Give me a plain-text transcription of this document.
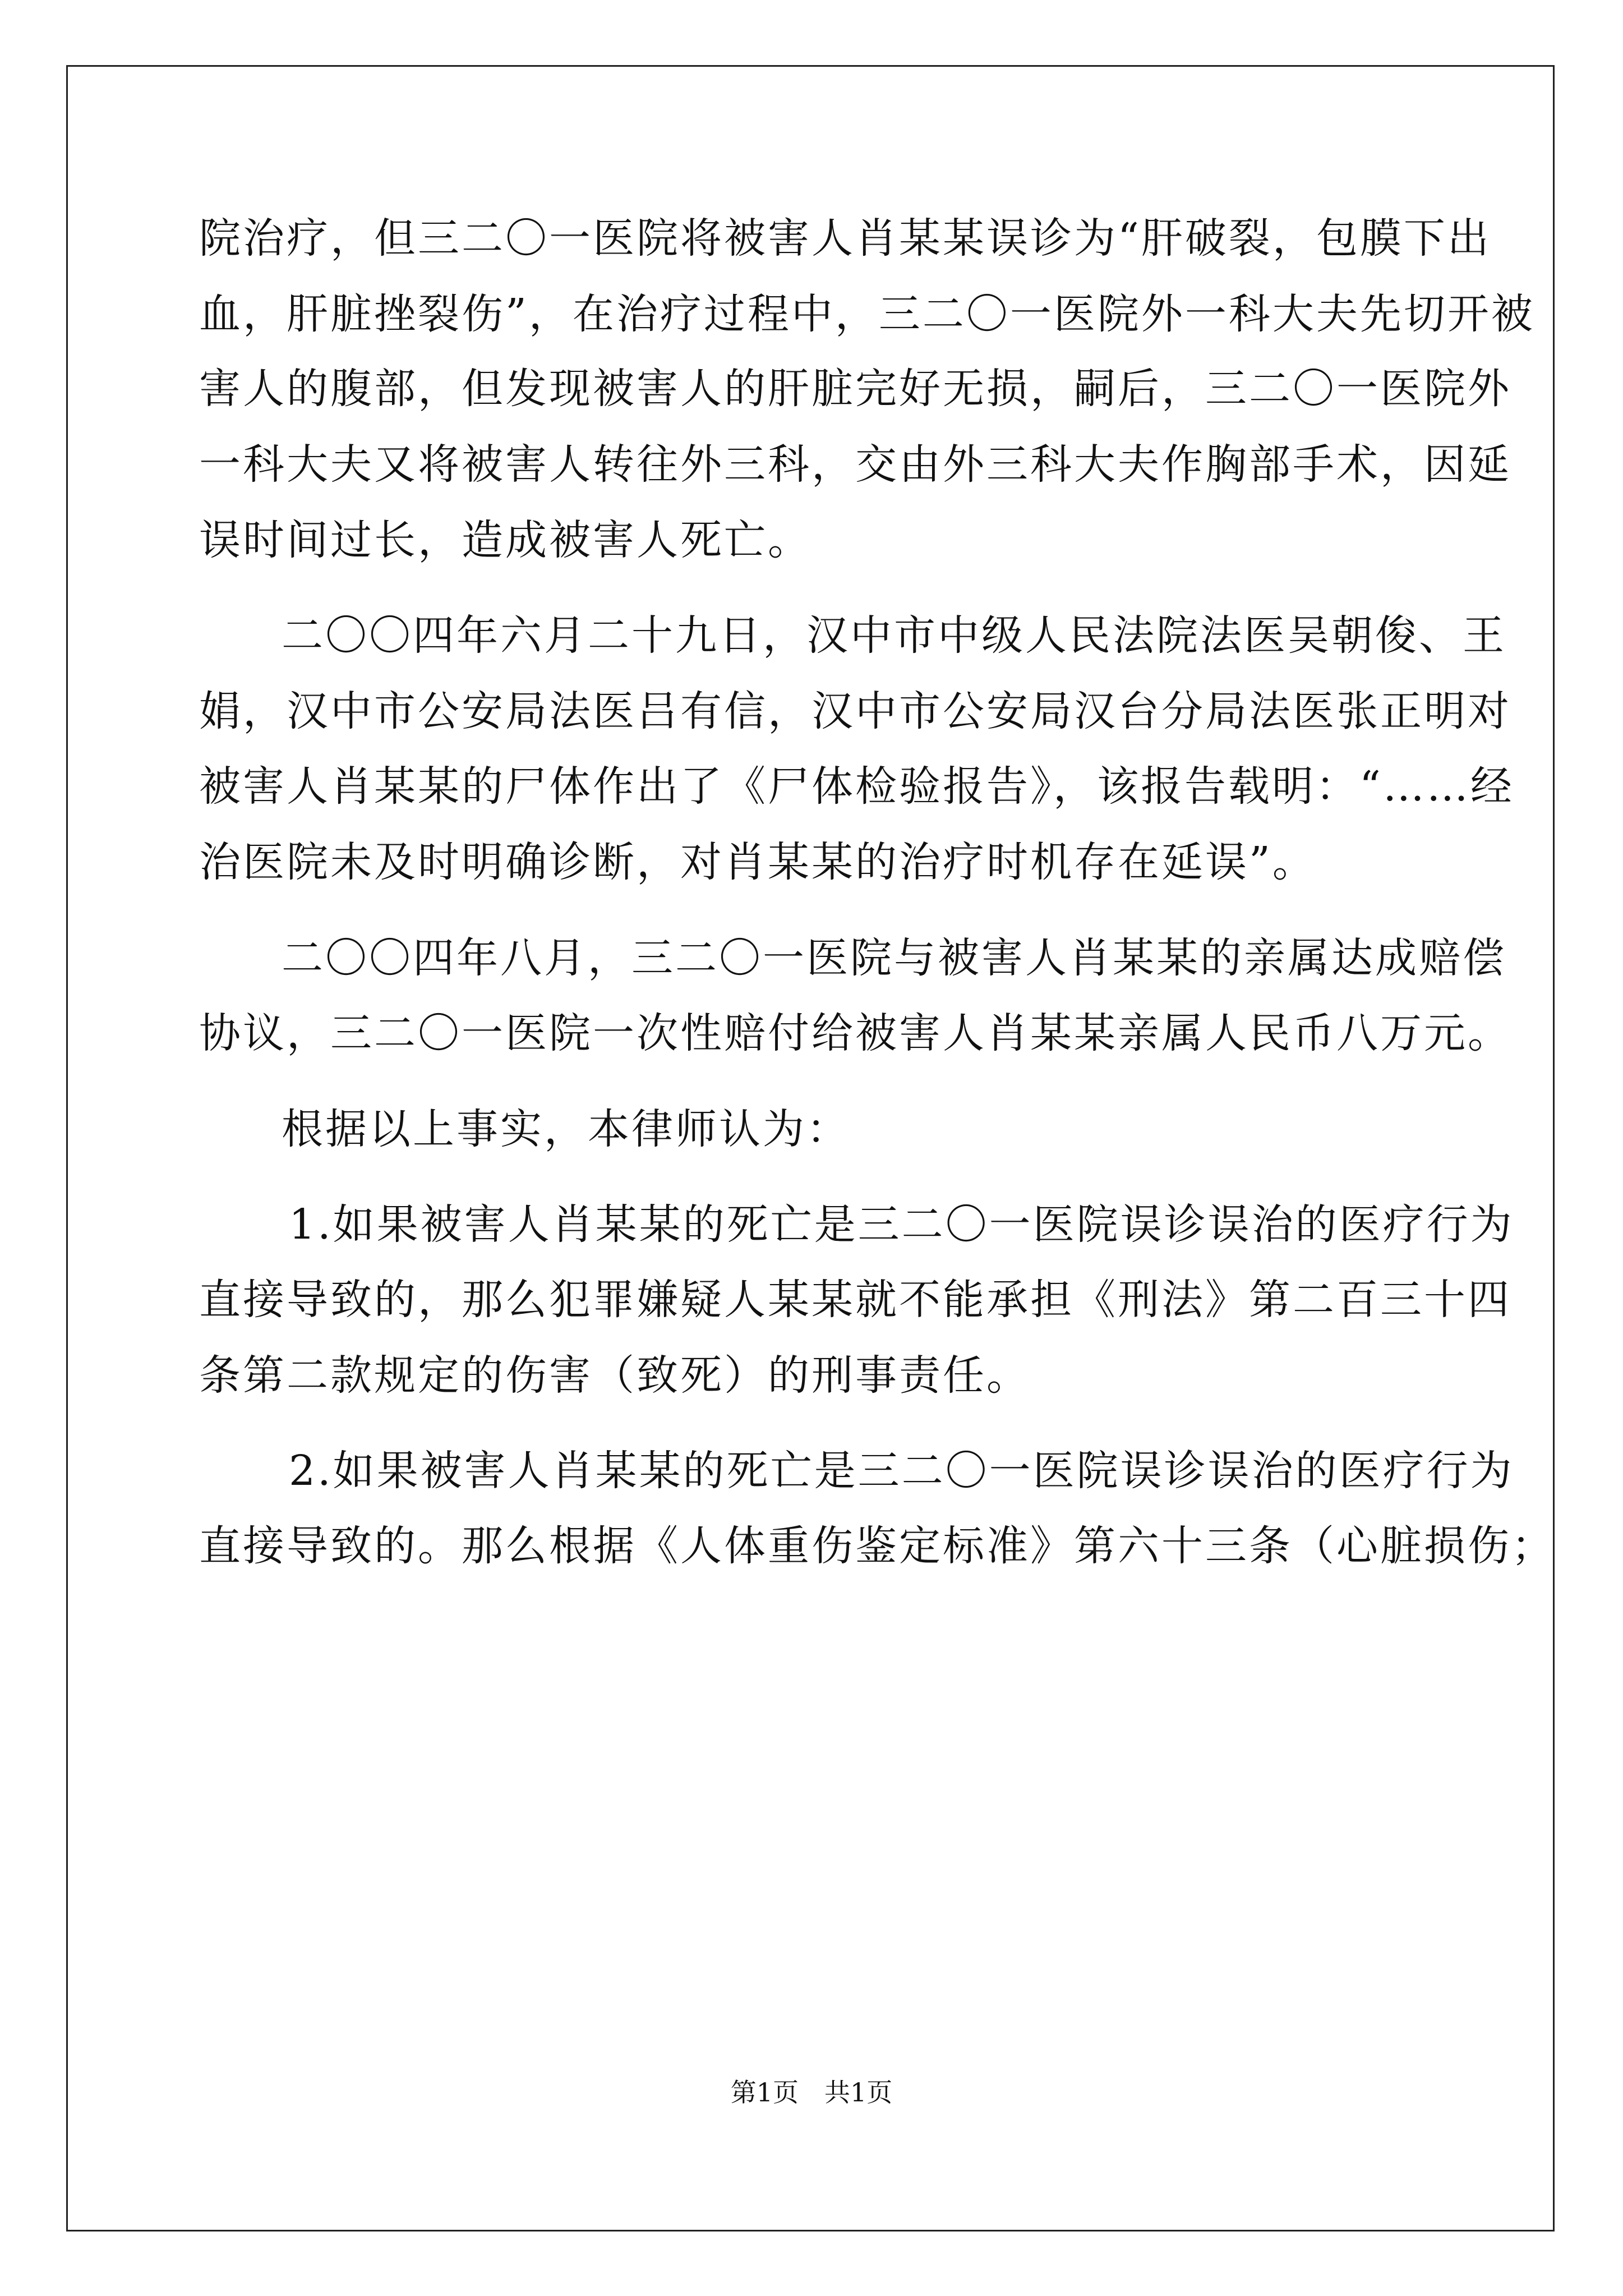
院治疗，但三二〇一医院将被害人肖某某误诊为“肝破裂，包膜下出
血，肝脏挫裂伤”，在治疗过程中，三二〇一医院外一科大夫先切开被
害人的腹部，但发现被害人的肝脏完好无损，嗣后，三二〇一医院外
一科大夫又将被害人转往外三科，交由外三科大夫作胸部手术，因延
误时间过长，造成被害人死亡。
二〇〇四年六月二十九日，汉中市中级人民法院法医吴朝俊、王
娟，汉中市公安局法医吕有信，汉中市公安局汉台分局法医张正明对
被害人肖某某的尸体作出了《尸体检验报告》，该报告载明：“……经
治医院未及时明确诊断，对肖某某的治疗时机存在延误”。
二〇〇四年八月，三二〇一医院与被害人肖某某的亲属达成赔偿
协议，三二〇一医院一次性赔付给被害人肖某某亲属人民币八万元。
根据以上事实，本律师认为：
1.如果被害人肖某某的死亡是三二〇一医院误诊误治的医疗行为
直接导致的，那么犯罪嫌疑人某某就不能承担《刑法》第二百三十四
条第二款规定的伤害（致死）的刑事责任。
2.如果被害人肖某某的死亡是三二〇一医院误诊误治的医疗行为
直接导致的。那么根据《人体重伤鉴定标准》第六十三条（心脏损伤；
第1页　共1页
